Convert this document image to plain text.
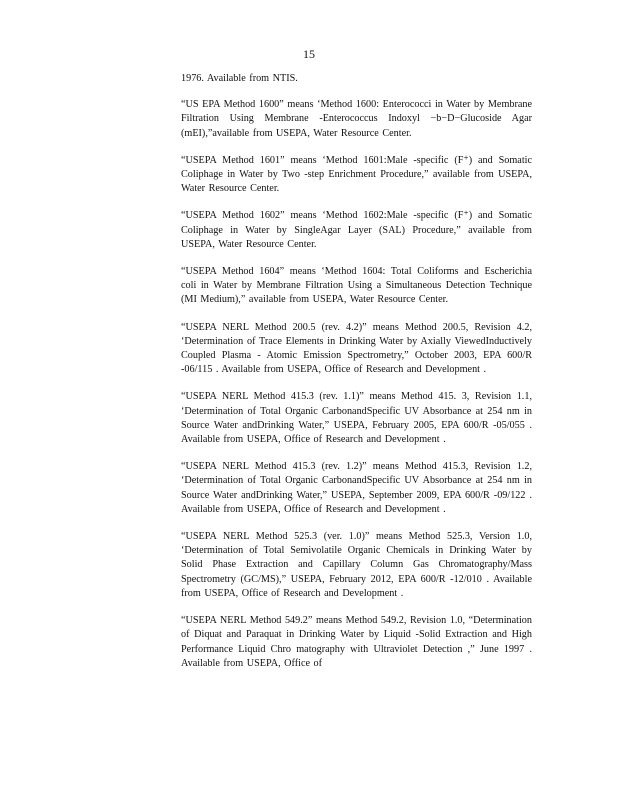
15

1976. Available from NTIS.

“US EPA Method 1600” means ‘Method 1600: Enterococci in Water by Membrane Filtration Using Membrane -Enterococcus Indoxyl −b−D−Glucoside Agar (mEI),”available from USEPA, Water Resource Center.

“USEPA Method 1601” means ‘Method 1601:Male -specific (F⁺) and Somatic Coliphage in Water by Two -step Enrichment Procedure,” available from USEPA, Water Resource Center.

“USEPA Method 1602” means ‘Method 1602:Male -specific (F⁺) and Somatic Coliphage in Water by SingleAgar Layer (SAL) Procedure,” available from USEPA, Water Resource Center.

“USEPA Method 1604” means ‘Method 1604: Total Coliforms and Escherichia coli in Water by Membrane Filtration Using a Simultaneous Detection Technique (MI Medium),” available from USEPA, Water Resource Center.

“USEPA NERL Method 200.5 (rev. 4.2)” means Method 200.5, Revision 4.2, ‘Determination of Trace Elements in Drinking Water by Axially ViewedInductively Coupled Plasma - Atomic Emission Spectrometry,” October 2003, EPA 600/R -06/115 . Available from USEPA, Office of Research and Development .

“USEPA NERL Method 415.3 (rev. 1.1)” means Method 415. 3, Revision 1.1, ‘Determination of Total Organic CarbonandSpecific UV Absorbance at 254 nm in Source Water andDrinking Water,” USEPA, February 2005, EPA 600/R -05/055 . Available from USEPA, Office of Research and Development .

“USEPA NERL Method 415.3 (rev. 1.2)” means Method 415.3, Revision 1.2, ‘Determination of Total Organic CarbonandSpecific UV Absorbance at 254 nm in Source Water andDrinking Water,” USEPA, September 2009, EPA 600/R -09/122 . Available from USEPA, Office of Research and Development .

“USEPA NERL Method 525.3 (ver. 1.0)” means Method 525.3, Version 1.0, ‘Determination of Total Semivolatile Organic Chemicals in Drinking Water by Solid Phase Extraction and Capillary Column Gas Chromatography/Mass Spectrometry (GC/MS),” USEPA, February 2012, EPA 600/R -12/010 . Available from USEPA, Office of Research and Development .

“USEPA NERL Method 549.2” means Method 549.2, Revision 1.0, “Determination of Diquat and Paraquat in Drinking Water by Liquid -Solid Extraction and High Performance Liquid Chro matography with Ultraviolet Detection ,” June 1997 . Available from USEPA, Office of
